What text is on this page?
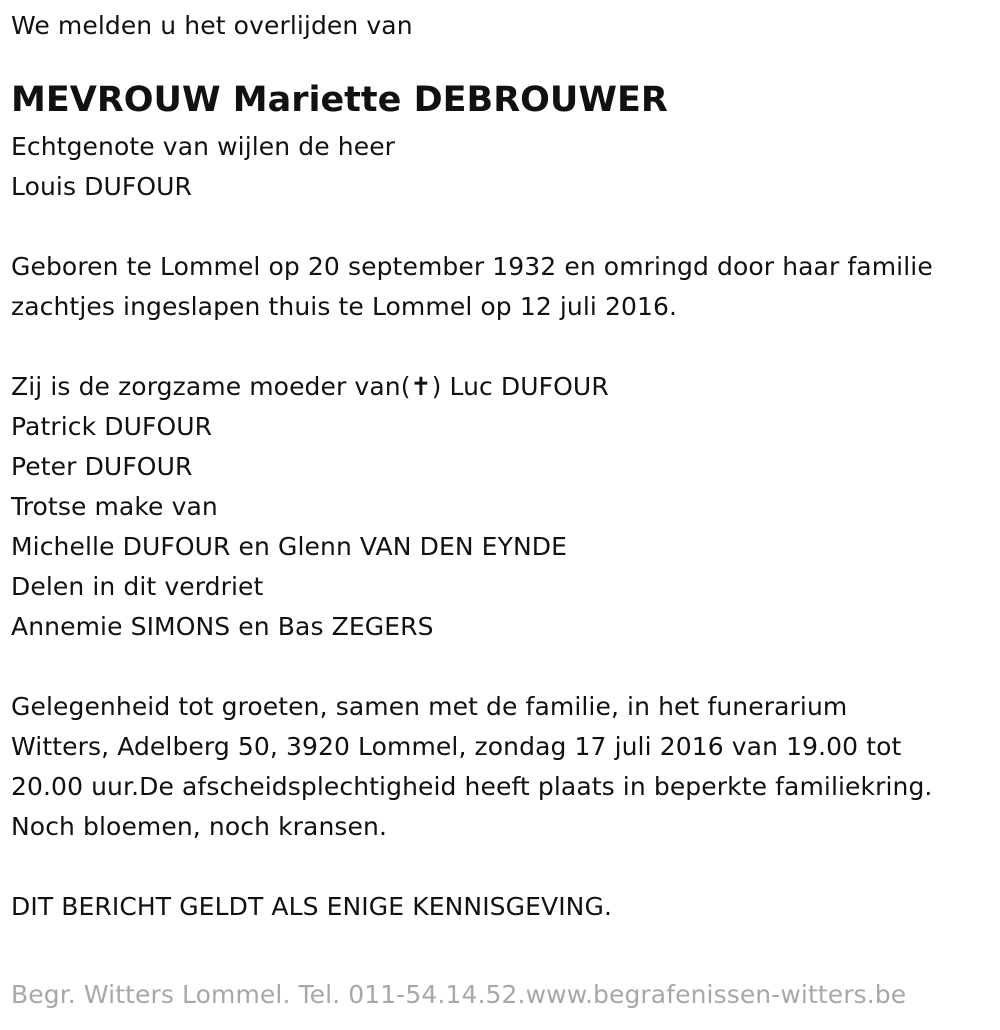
We melden u het overlijden van
MEVROUW Mariette DEBROUWER
Echtgenote van wijlen de heer
Louis DUFOUR
Geboren te Lommel op 20 september 1932 en omringd door haar familie
zachtjes ingeslapen thuis te Lommel op 12 juli 2016.
Zij is de zorgzame moeder van(✝) Luc DUFOUR
Patrick DUFOUR
Peter DUFOUR
Trotse make van
Michelle DUFOUR en Glenn VAN DEN EYNDE
Delen in dit verdriet
Annemie SIMONS en Bas ZEGERS
Gelegenheid tot groeten, samen met de familie, in het funerarium
Witters, Adelberg 50, 3920 Lommel, zondag 17 juli 2016 van 19.00 tot
20.00 uur.De afscheidsplechtigheid heeft plaats in beperkte familiekring.
Noch bloemen, noch kransen.
DIT BERICHT GELDT ALS ENIGE KENNISGEVING.
Begr. Witters Lommel. Tel. 011-54.14.52.www.begrafenissen-witters.be
